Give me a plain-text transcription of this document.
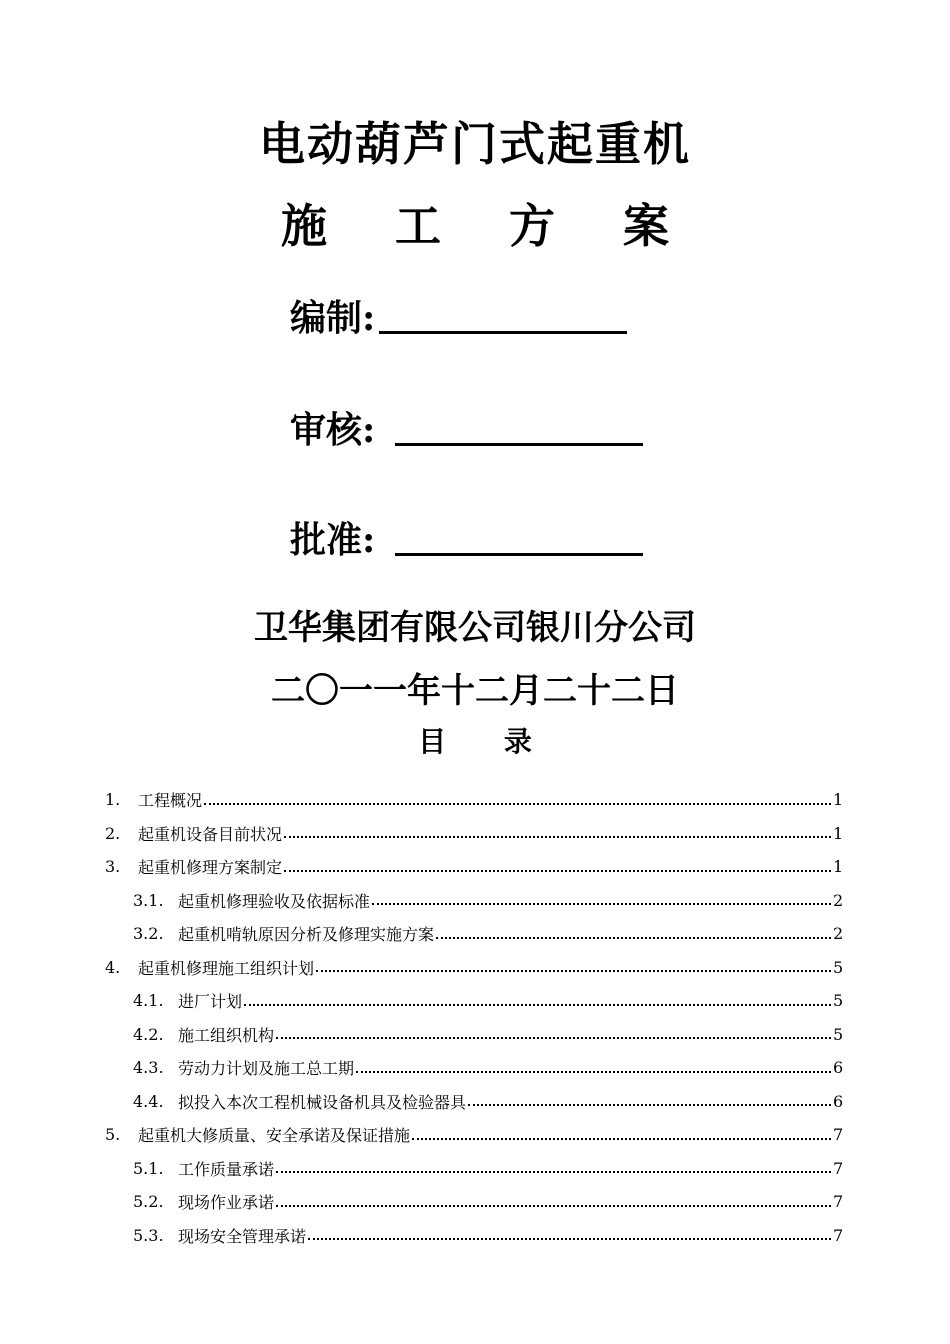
电动葫芦门式起重机
施 工 方 案
编制:
审核:
批准:
卫华集团有限公司银川分公司
二〇一一年十二月二十二日
目 录
1.	工程概况	1
2.	起重机设备目前状况	1
3.	起重机修理方案制定	1
3.1. 起重机修理验收及依据标准	2
3.2. 起重机啃轨原因分析及修理实施方案	2
4.	起重机修理施工组织计划	5
4.1. 进厂计划	5
4.2. 施工组织机构	5
4.3. 劳动力计划及施工总工期	6
4.4. 拟投入本次工程机械设备机具及检验器具	6
5.	起重机大修质量、安全承诺及保证措施	7
5.1. 工作质量承诺	7
5.2. 现场作业承诺	7
5.3. 现场安全管理承诺	7
